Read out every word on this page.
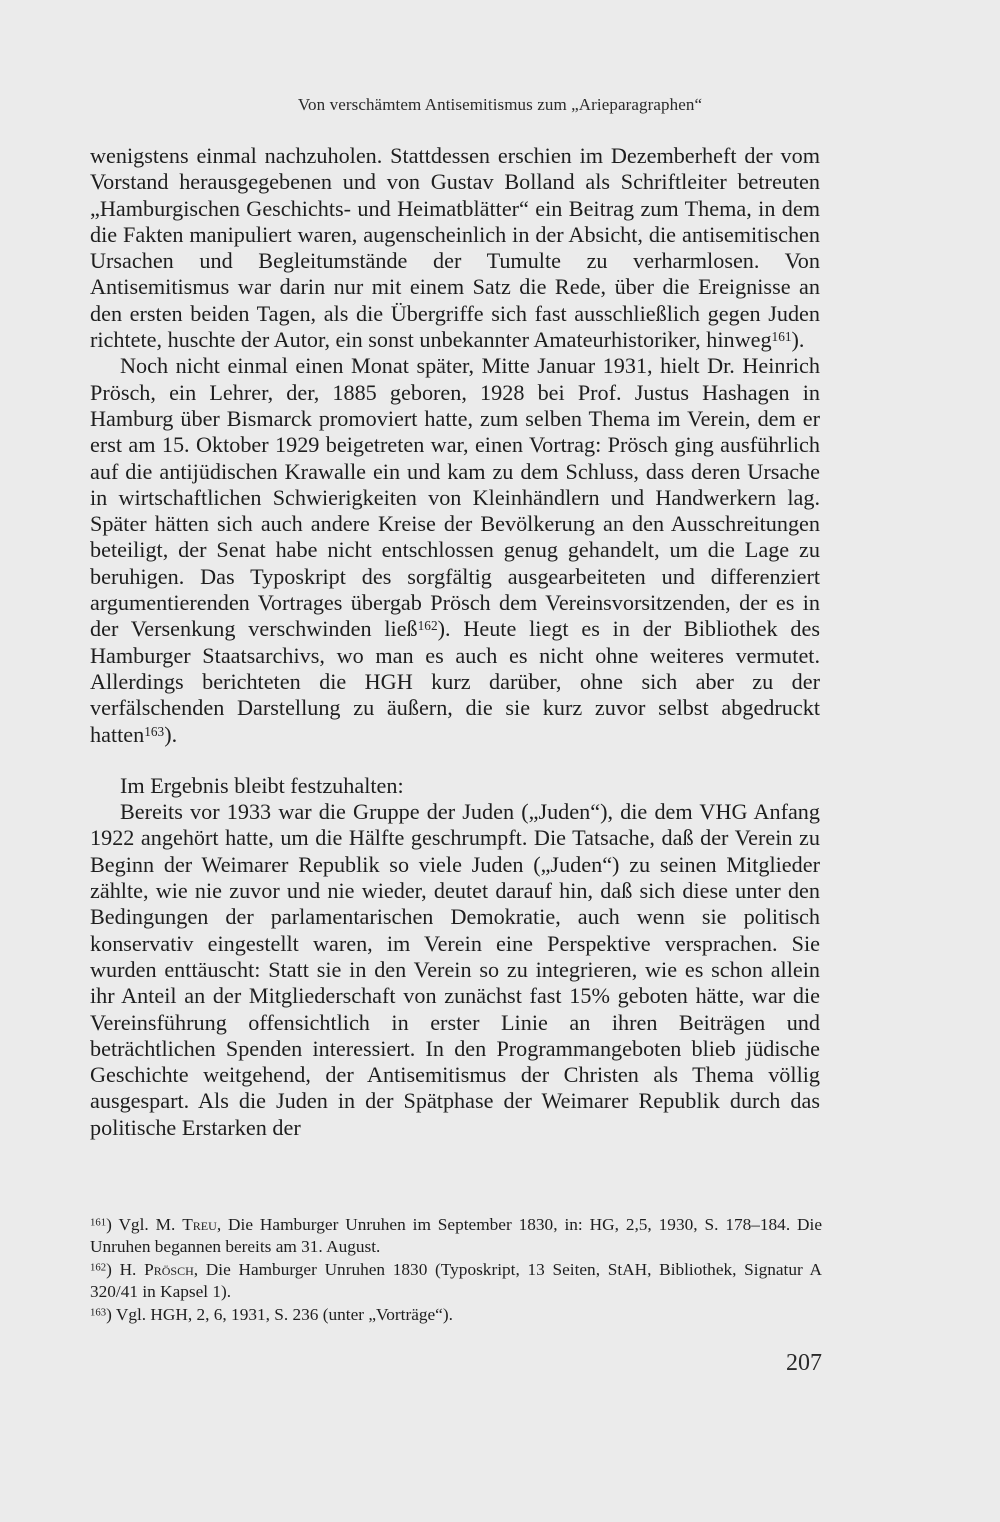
Von verschämtem Antisemitismus zum „Arieparagraphen“

wenigstens einmal nachzuholen. Stattdessen erschien im Dezemberheft der vom Vorstand herausgegebenen und von Gustav Bolland als Schriftleiter betreuten „Hamburgischen Geschichts- und Heimatblätter“ ein Beitrag zum Thema, in dem die Fakten manipuliert waren, augenscheinlich in der Absicht, die antisemitischen Ursachen und Begleitumstände der Tumulte zu verharmlosen. Von Antisemitismus war darin nur mit einem Satz die Rede, über die Ereignisse an den ersten beiden Tagen, als die Übergriffe sich fast ausschließlich gegen Juden richtete, huschte der Autor, ein sonst unbekannter Amateurhistoriker, hinweg$^{161}$).

Noch nicht einmal einen Monat später, Mitte Januar 1931, hielt Dr. Heinrich Prösch, ein Lehrer, der, 1885 geboren, 1928 bei Prof. Justus Hashagen in Hamburg über Bismarck promoviert hatte, zum selben Thema im Verein, dem er erst am 15. Oktober 1929 beigetreten war, einen Vortrag: Prösch ging ausführlich auf die antijüdischen Krawalle ein und kam zu dem Schluss, dass deren Ursache in wirtschaftlichen Schwierigkeiten von Kleinhändlern und Handwerkern lag. Später hätten sich auch andere Kreise der Bevölkerung an den Ausschreitungen beteiligt, der Senat habe nicht entschlossen genug gehandelt, um die Lage zu beruhigen. Das Typoskript des sorgfältig ausgearbeiteten und differenziert argumentierenden Vortrages übergab Prösch dem Vereinsvorsitzenden, der es in der Versenkung verschwinden ließ$^{162}$). Heute liegt es in der Bibliothek des Hamburger Staatsarchivs, wo man es auch es nicht ohne weiteres vermutet. Allerdings berichteten die HGH kurz darüber, ohne sich aber zu der verfälschenden Darstellung zu äußern, die sie kurz zuvor selbst abgedruckt hatten$^{163}$).

Im Ergebnis bleibt festzuhalten:

Bereits vor 1933 war die Gruppe der Juden („Juden“), die dem VHG Anfang 1922 angehört hatte, um die Hälfte geschrumpft. Die Tatsache, daß der Verein zu Beginn der Weimarer Republik so viele Juden („Juden“) zu seinen Mitglieder zählte, wie nie zuvor und nie wieder, deutet darauf hin, daß sich diese unter den Bedingungen der parlamentarischen Demokratie, auch wenn sie politisch konservativ eingestellt waren, im Verein eine Perspektive versprachen. Sie wurden enttäuscht: Statt sie in den Verein so zu integrieren, wie es schon allein ihr Anteil an der Mitgliederschaft von zunächst fast 15% geboten hätte, war die Vereinsführung offensichtlich in erster Linie an ihren Beiträgen und beträchtlichen Spenden interessiert. In den Programmangeboten blieb jüdische Geschichte weitgehend, der Antisemitismus der Christen als Thema völlig ausgespart. Als die Juden in der Spätphase der Weimarer Republik durch das politische Erstarken der

$^{161}$) Vgl. M. Treu, Die Hamburger Unruhen im September 1830, in: HG, 2,5, 1930, S. 178–184. Die Unruhen begannen bereits am 31. August.

$^{162}$) H. Prösch, Die Hamburger Unruhen 1830 (Typoskript, 13 Seiten, StAH, Bibliothek, Signatur A 320/41 in Kapsel 1).

$^{163}$) Vgl. HGH, 2, 6, 1931, S. 236 (unter „Vorträge“).

207
